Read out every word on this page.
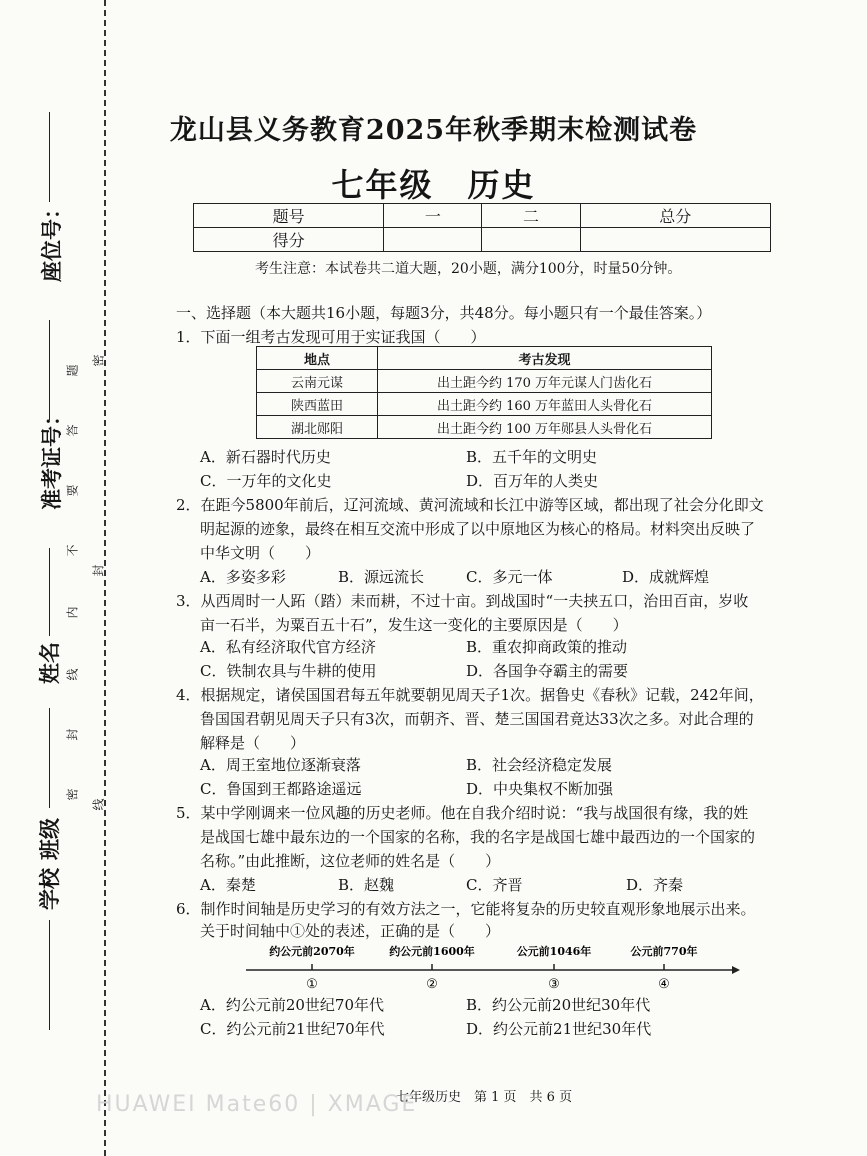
座位号：
准考证号：
姓名
班级
学校
题
密
答
要
不
封
内
线
封
密
线
龙山县义务教育2025年秋季期末检测试卷
七年级　历史
题号	一	二	总分
得分			
考生注意：本试卷共二道大题，20小题，满分100分，时量50分钟。
一、选择题（本大题共16小题，每题3分，共48分。每小题只有一个最佳答案。）
1．下面一组考古发现可用于实证我国（　　）
地点	考古发现
云南元谋	出土距今约 170 万年元谋人门齿化石
陕西蓝田	出土距今约 160 万年蓝田人头骨化石
湖北郧阳	出土距今约 100 万年郧县人头骨化石
A．新石器时代历史	B．五千年的文明史
C．一万年的文化史	D．百万年的人类史
2．在距今5800年前后，辽河流域、黄河流域和长江中游等区域，都出现了社会分化即文
明起源的迹象，最终在相互交流中形成了以中原地区为核心的格局。材料突出反映了
中华文明（　　）
A．多姿多彩	B．源远流长	C．多元一体	D．成就辉煌
3．从西周时一人跖（踏）耒而耕，不过十亩。到战国时“一夫挟五口，治田百亩，岁收
亩一石半，为粟百五十石”，发生这一变化的主要原因是（　　）
A．私有经济取代官方经济	B．重农抑商政策的推动
C．铁制农具与牛耕的使用	D．各国争夺霸主的需要
4．根据规定，诸侯国国君每五年就要朝见周天子1次。据鲁史《春秋》记载，242年间，
鲁国国君朝见周天子只有3次，而朝齐、晋、楚三国国君竟达33次之多。对此合理的
解释是（　　）
A．周王室地位逐渐衰落	B．社会经济稳定发展
C．鲁国到王都路途遥远	D．中央集权不断加强
5．某中学刚调来一位风趣的历史老师。他在自我介绍时说：“我与战国很有缘，我的姓
是战国七雄中最东边的一个国家的名称，我的名字是战国七雄中最西边的一个国家的
名称。”由此推断，这位老师的姓名是（　　）
A．秦楚	B．赵魏	C．齐晋	D．齐秦
6．制作时间轴是历史学习的有效方法之一，它能将复杂的历史较直观形象地展示出来。
关于时间轴中①处的表述，正确的是（　　）
约公元前2070年	约公元前1600年	公元前1046年	公元前770年
①	②	③	④
A．约公元前20世纪70年代	B．约公元前20世纪30年代
C．约公元前21世纪70年代	D．约公元前21世纪30年代
七年级历史　第 1 页　共 6 页
HUAWEI Mate60 | XMAGE
